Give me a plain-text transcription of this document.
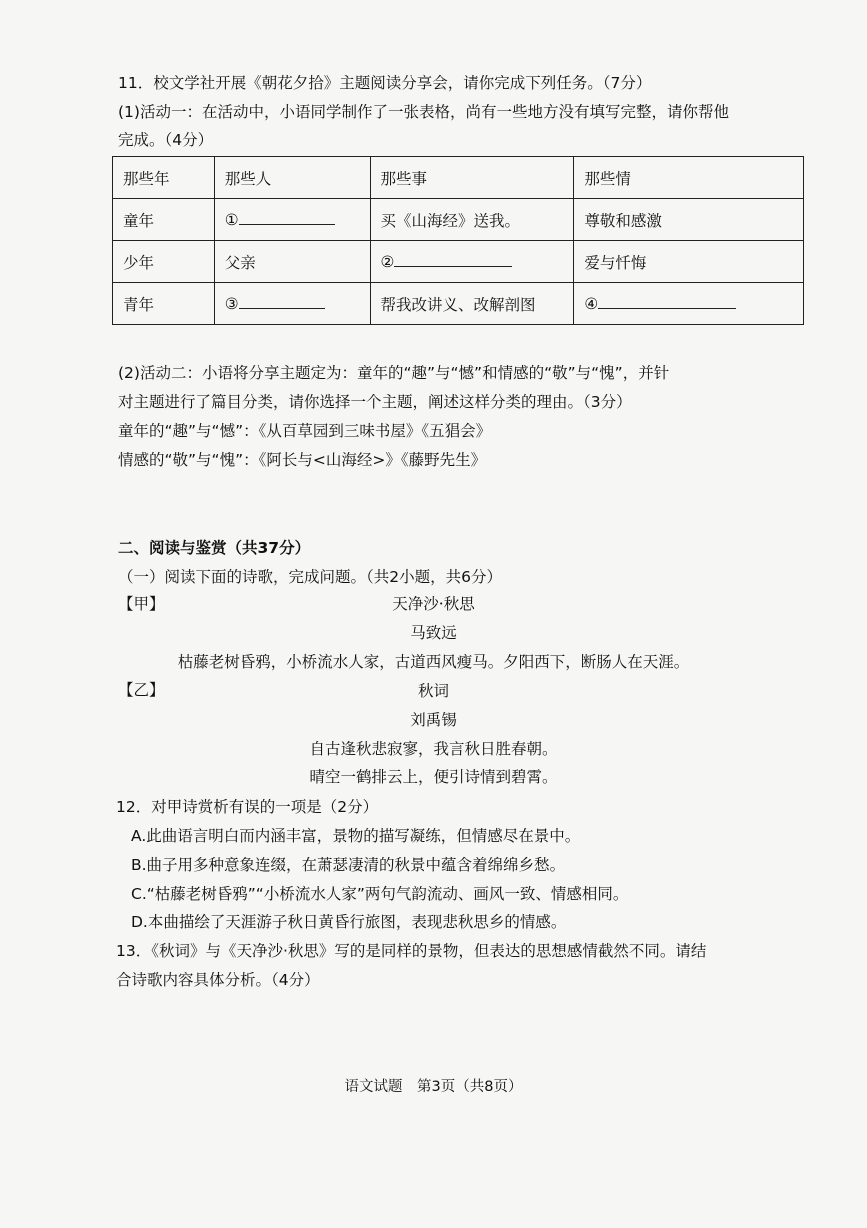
11．校文学社开展《朝花夕拾》主题阅读分享会，请你完成下列任务。（7分）
(1)活动一：在活动中，小语同学制作了一张表格，尚有一些地方没有填写完整，请你帮他
完成。（4分）
那些年	那些人	那些事	那些情
童年	①	买《山海经》送我。	尊敬和感激
少年	父亲	②	爱与忏悔
青年	③	帮我改讲义、改解剖图	④
(2)活动二：小语将分享主题定为：童年的“趣”与“憾”和情感的“敬”与“愧”，并针
对主题进行了篇目分类，请你选择一个主题，阐述这样分类的理由。（3分）
童年的“趣”与“憾”：《从百草园到三味书屋》《五猖会》
情感的“敬”与“愧”：《阿长与<山海经>》《藤野先生》
二、阅读与鉴赏（共37分）
（一）阅读下面的诗歌，完成问题。（共2小题，共6分）
【甲】	天净沙·秋思
马致远
枯藤老树昏鸦，小桥流水人家，古道西风瘦马。夕阳西下，断肠人在天涯。
【乙】	秋词
刘禹锡
自古逢秋悲寂寥，我言秋日胜春朝。
晴空一鹤排云上，便引诗情到碧霄。
12．对甲诗赏析有误的一项是（2分）
A.此曲语言明白而内涵丰富，景物的描写凝练，但情感尽在景中。
B.曲子用多种意象连缀，在萧瑟凄清的秋景中蕴含着绵绵乡愁。
C.“枯藤老树昏鸦”“小桥流水人家”两句气韵流动、画风一致、情感相同。
D.本曲描绘了天涯游子秋日黄昏行旅图，表现悲秋思乡的情感。
13．《秋词》与《天净沙·秋思》写的是同样的景物，但表达的思想感情截然不同。请结
合诗歌内容具体分析。（4分）
语文试题　第3页（共8页）
